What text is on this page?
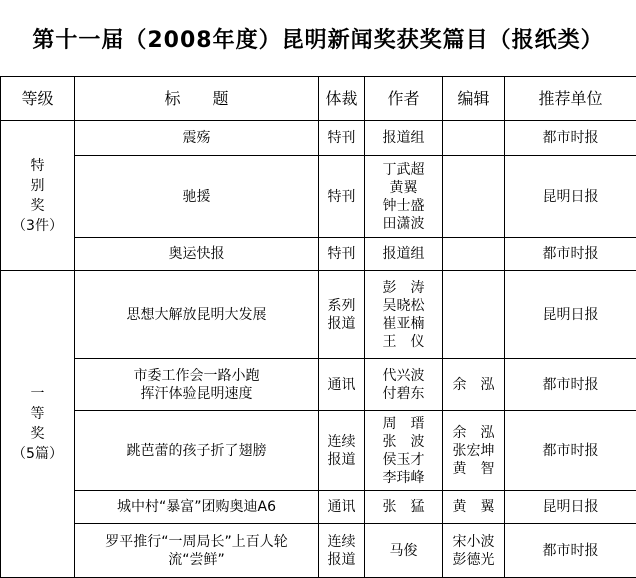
第十一届（2008年度）昆明新闻奖获奖篇目（报纸类）
等级	标　　题	体裁	作者	编辑	推荐单位

特
别
奖
（3件）	震殇	特刊	报道组		都市时报

	驰援	特刊	丁武超
黄翼
钟士盛
田潇波		昆明日报

	奥运快报	特刊	报道组		都市时报

一
等
奖
（5篇）	思想大解放昆明大发展	系列
报道	彭　涛
吴晓松
崔亚楠
王　仪		昆明日报

	市委工作会一路小跑
挥汗体验昆明速度	通讯	代兴波
付碧东	余　泓	都市时报

	跳芭蕾的孩子折了翅膀	连续
报道	周　瑨
张　波
侯玉才
李玮峰	余　泓
张宏坤
黄　智	都市时报

	城中村“暴富”团购奥迪A6	通讯	张　猛	黄　翼	昆明日报

	罗平推行“一周局长”上百人轮
流“尝鲜”	连续
报道	马俊	宋小波
彭德光	都市时报
